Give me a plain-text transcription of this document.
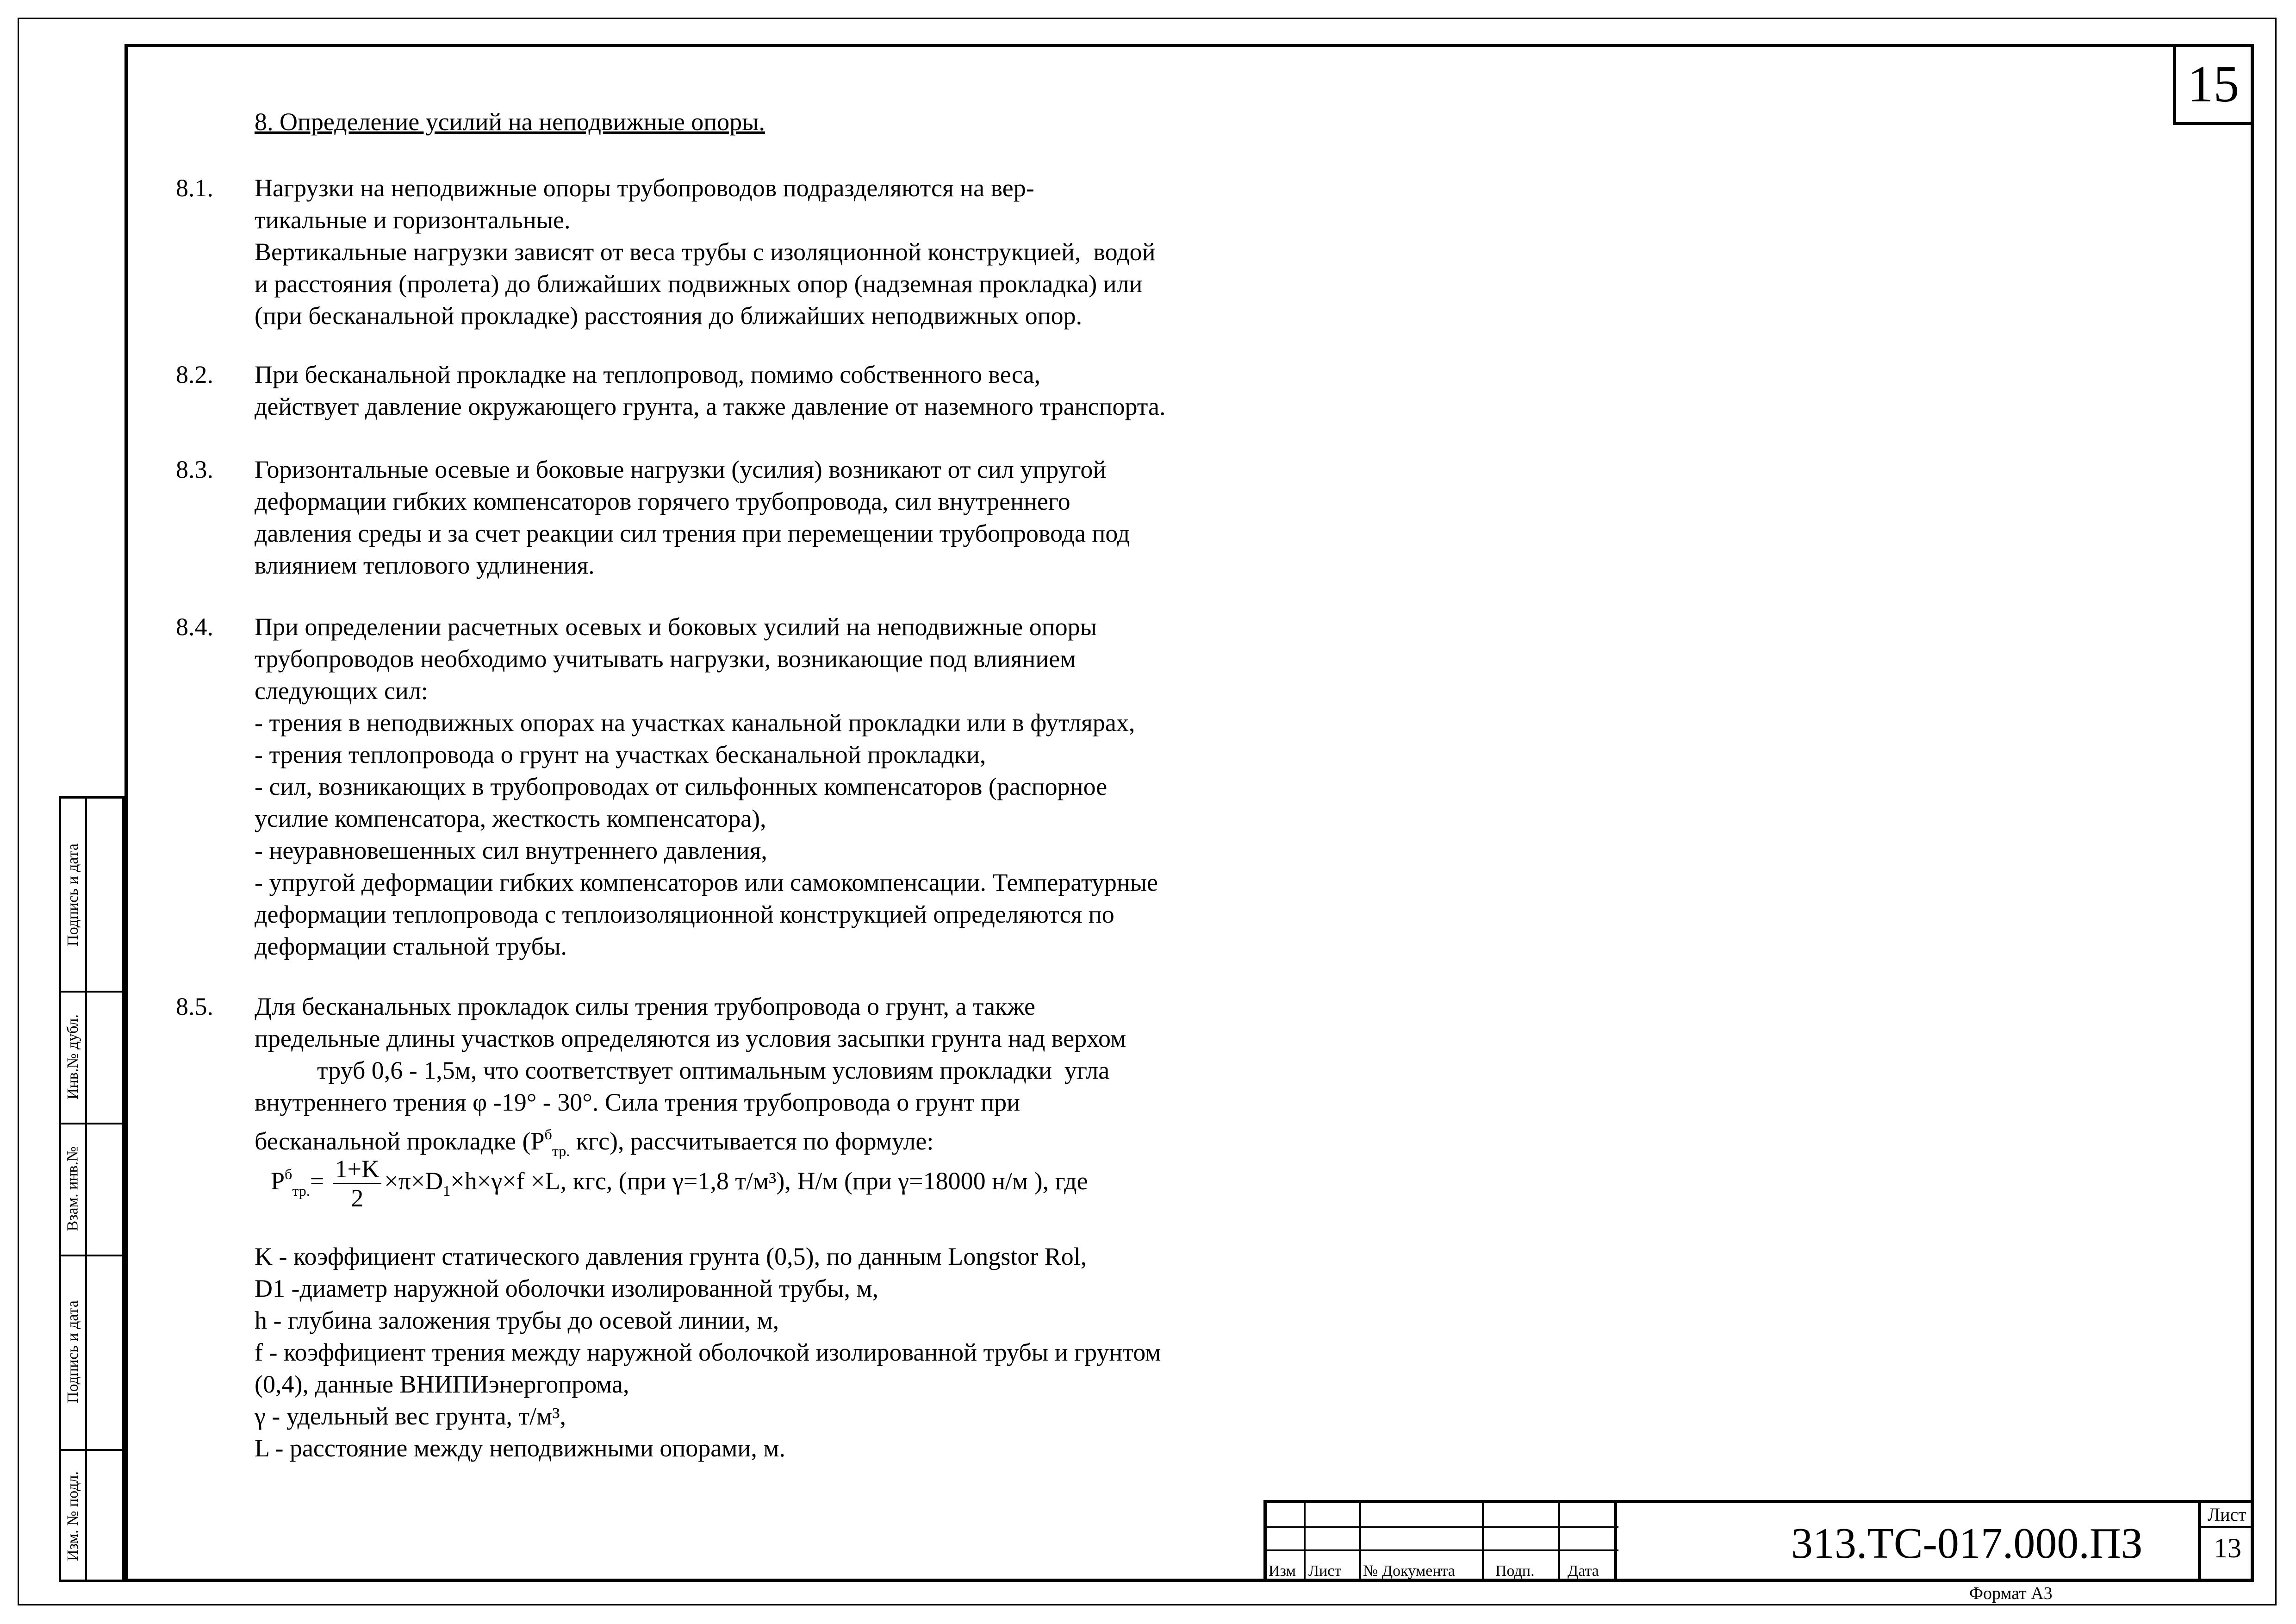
15
Подпись и дата
Инв.№ дубл.
Взам. инв.№
Подпись и дата
Изм. № подл.
8. Определение усилий на неподвижные опоры.
8.1.	Нагрузки на неподвижные опоры трубопроводов подразделяются на вер-
тикальные и горизонтальные.
Вертикальные нагрузки зависят от веса трубы с изоляционной конструкцией,  водой
и расстояния (пролета) до ближайших подвижных опор (надземная прокладка) или
(при бесканальной прокладке) расстояния до ближайших неподвижных опор.
8.2.	При бесканальной прокладке на теплопровод, помимо собственного веса,
действует давление окружающего грунта, а также давление от наземного транспорта.
8.3.	Горизонтальные осевые и боковые нагрузки (усилия) возникают от сил упругой
деформации гибких компенсаторов горячего трубопровода, сил внутреннего
давления среды и за счет реакции сил трения при перемещении трубопровода под
влиянием теплового удлинения.
8.4.	При определении расчетных осевых и боковых усилий на неподвижные опоры
трубопроводов необходимо учитывать нагрузки, возникающие под влиянием
следующих сил:
- трения в неподвижных опорах на участках канальной прокладки или в футлярах,
- трения теплопровода о грунт на участках бесканальной прокладки,
- сил, возникающих в трубопроводах от сильфонных компенсаторов (распорное
усилие компенсатора, жесткость компенсатора),
- неуравновешенных сил внутреннего давления,
- упругой деформации гибких компенсаторов или самокомпенсации. Температурные
деформации теплопровода с теплоизоляционной конструкцией определяются по
деформации стальной трубы.
8.5.	Для бесканальных прокладок силы трения трубопровода о грунт, а также
предельные длины участков определяются из условия засыпки грунта над верхом
труб 0,6 - 1,5м, что соответствует оптимальным условиям прокладки  угла
внутреннего трения φ -19° - 30°. Сила трения трубопровода о грунт при
бесканальной прокладке ($P^б_{тр.}$ кгс), рассчитывается по формуле:
$P^б_{тр.}= \frac{1+K}{2} \times\pi\times D_1\times h\times\gamma\times f \times L$, кгс, (при γ=1,8 т/м³), Н/м (при γ=18000 н/м ), где
K - коэффициент статического давления грунта (0,5), по данным Longstor Rol,
D1 -диаметр наружной оболочки изолированной трубы, м,
h - глубина заложения трубы до осевой линии, м,
f - коэффициент трения между наружной оболочкой изолированной трубы и грунтом
(0,4), данные ВНИПИэнергопрома,
γ - удельный вес грунта, т/м³,
L - расстояние между неподвижными опорами, м.
Изм Лист № Документа	Подп. Дата
313.ТС-017.000.ПЗ
Лист
13
Формат А3
